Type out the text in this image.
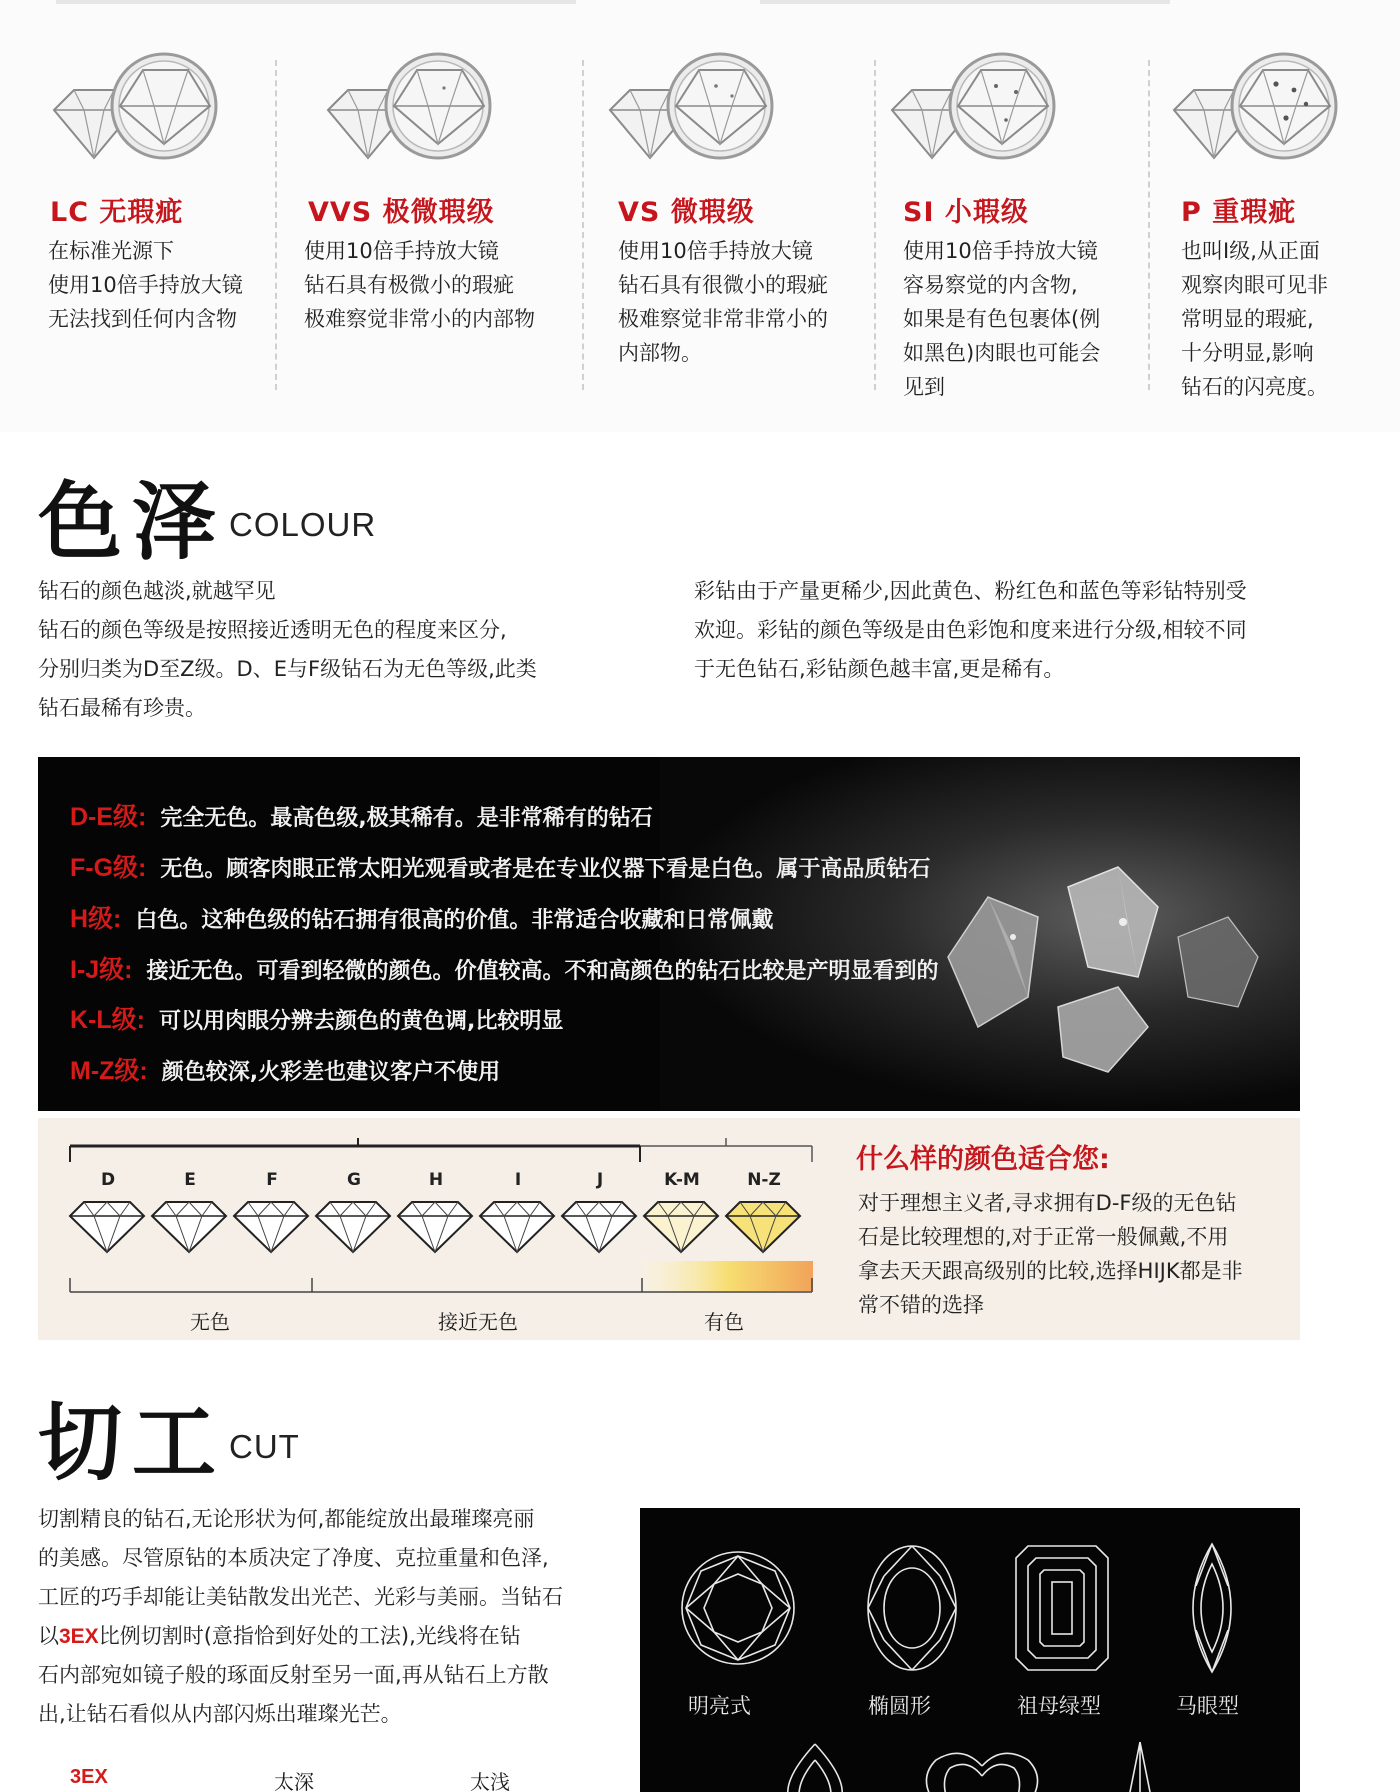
LC 无瑕疵
在标准光源下
使用10倍手持放大镜
无法找到任何内含物
VVS 极微瑕级
使用10倍手持放大镜
钻石具有极微小的瑕疵
极难察觉非常小的内部物
VS 微瑕级
使用10倍手持放大镜
钻石具有很微小的瑕疵
极难察觉非常非常小的
内部物。
SI 小瑕级
使用10倍手持放大镜
容易察觉的内含物,
如果是有色包裹体(例
如黑色)肉眼也可能会
见到
P 重瑕疵
也叫I级,从正面
观察肉眼可见非
常明显的瑕疵,
十分明显,影响
钻石的闪亮度。
色泽 COLOUR
钻石的颜色越淡,就越罕见
钻石的颜色等级是按照接近透明无色的程度来区分,
分别归类为D至Z级。D、E与F级钻石为无色等级,此类
钻石最稀有珍贵。
彩钻由于产量更稀少,因此黄色、粉红色和蓝色等彩钻特别受
欢迎。彩钻的颜色等级是由色彩饱和度来进行分级,相较不同
于无色钻石,彩钻颜色越丰富,更是稀有。
D-E级: 完全无色。最高色级,极其稀有。是非常稀有的钻石
F-G级: 无色。顾客肉眼正常太阳光观看或者是在专业仪器下看是白色。属于高品质钻石
H级: 白色。这种色级的钻石拥有很高的价值。非常适合收藏和日常佩戴
I-J级: 接近无色。可看到轻微的颜色。价值较高。不和高颜色的钻石比较是产明显看到的
K-L级: 可以用肉眼分辨去颜色的黄色调,比较明显
M-Z级: 颜色较深,火彩差也建议客户不使用
D	E	F	G	H	I	J	K-M	N-Z
无色	接近无色	有色
什么样的颜色适合您:
对于理想主义者,寻求拥有D-F级的无色钻
石是比较理想的,对于正常一般佩戴,不用
拿去天天跟高级别的比较,选择HIJK都是非
常不错的选择
切工 CUT
切割精良的钻石,无论形状为何,都能绽放出最璀璨亮丽
的美感。尽管原钻的本质决定了净度、克拉重量和色泽,
工匠的巧手却能让美钻散发出光芒、光彩与美丽。当钻石
以3EX比例切割时(意指恰到好处的工法),光线将在钻
石内部宛如镜子般的琢面反射至另一面,再从钻石上方散
出,让钻石看似从内部闪烁出璀璨光芒。
3EX	太深	太浅
明亮式	椭圆形	祖母绿型	马眼型
